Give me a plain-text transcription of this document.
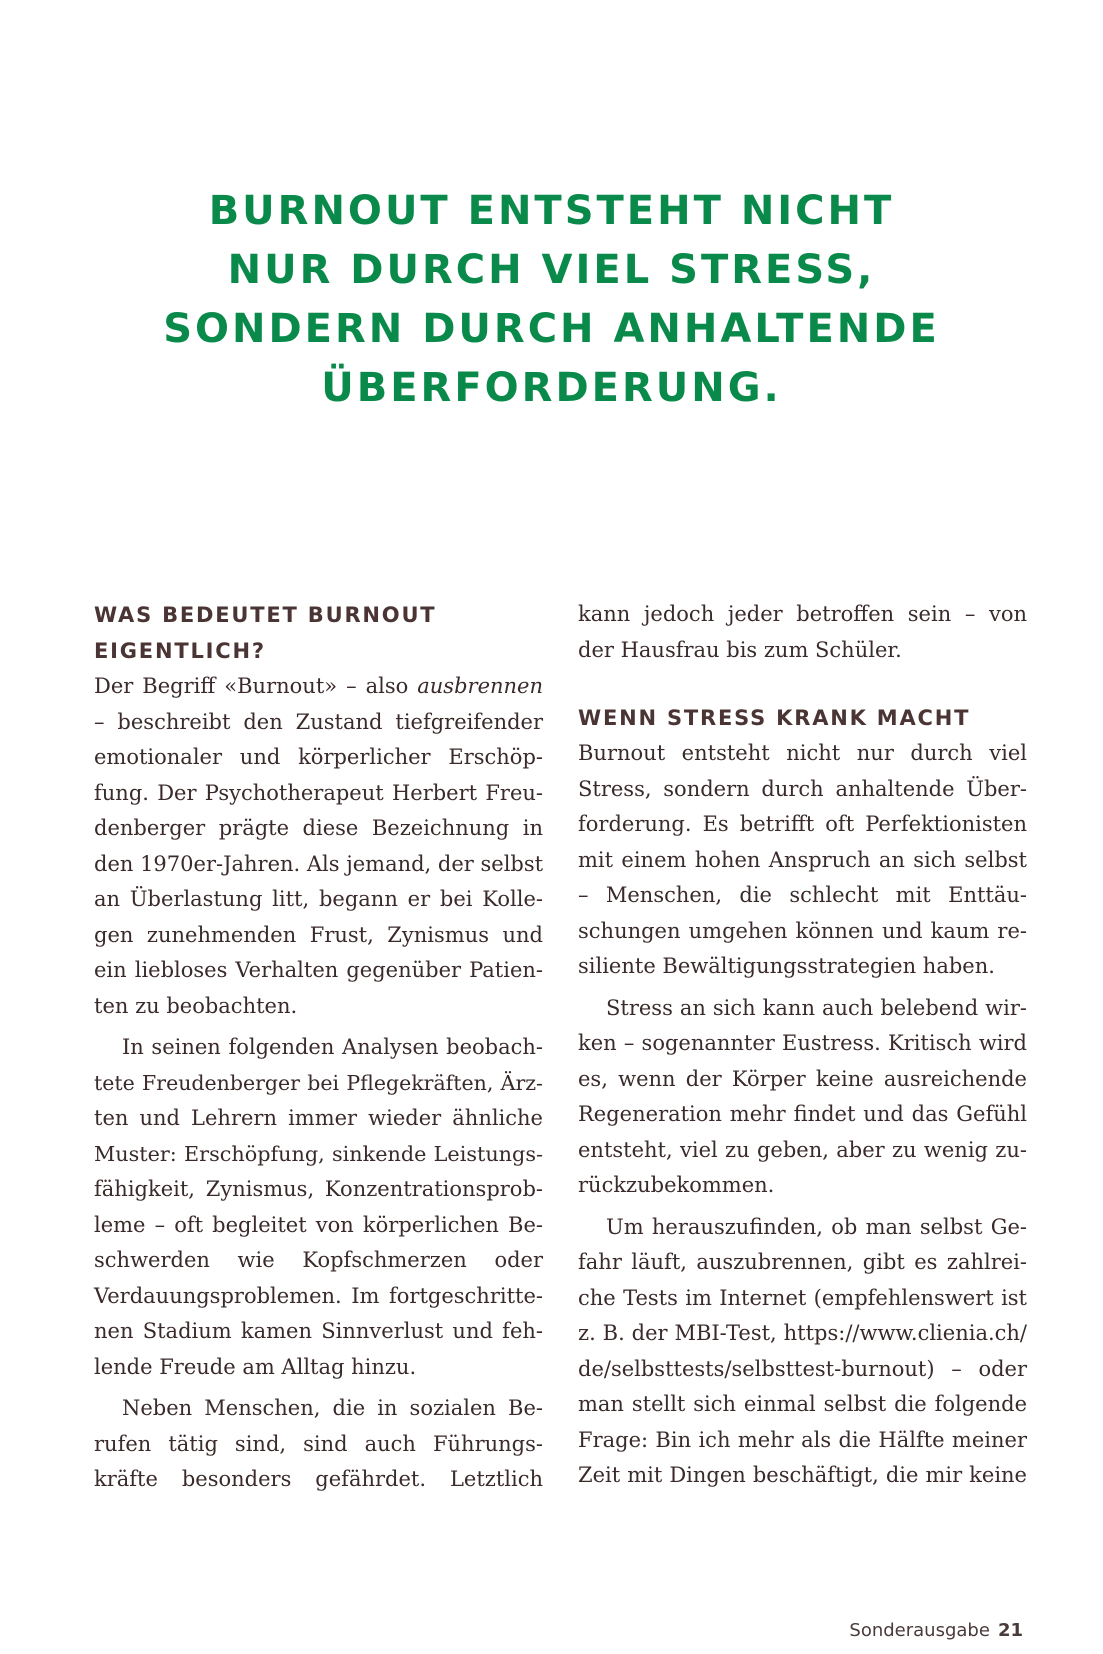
BURNOUT ENTSTEHT NICHT
NUR DURCH VIEL STRESS,
SONDERN DURCH ANHALTENDE
ÜBERFORDERUNG.
WAS BEDEUTET BURNOUT
EIGENTLICH?
Der Begriff «Burnout» – also ausbrennen
– beschreibt den Zustand tiefgreifender
emotionaler und körperlicher Erschöp-
fung. Der Psychotherapeut Herbert Freu-
denberger prägte diese Bezeichnung in
den 1970er-Jahren. Als jemand, der selbst
an Überlastung litt, begann er bei Kolle-
gen zunehmenden Frust, Zynismus und
ein liebloses Verhalten gegenüber Patien-
ten zu beobachten.
In seinen folgenden Analysen beobach-
tete Freudenberger bei Pflegekräften, Ärz-
ten und Lehrern immer wieder ähnliche
Muster: Erschöpfung, sinkende Leistungs-
fähigkeit, Zynismus, Konzentrationsprob-
leme – oft begleitet von körperlichen Be-
schwerden wie Kopfschmerzen oder
Verdauungsproblemen. Im fortgeschritte-
nen Stadium kamen Sinnverlust und feh-
lende Freude am Alltag hinzu.
Neben Menschen, die in sozialen Be-
rufen tätig sind, sind auch Führungs-
kräfte besonders gefährdet. Letztlich
kann jedoch jeder betroffen sein – von
der Hausfrau bis zum Schüler.
WENN STRESS KRANK MACHT
Burnout entsteht nicht nur durch viel
Stress, sondern durch anhaltende Über-
forderung. Es betrifft oft Perfektionisten
mit einem hohen Anspruch an sich selbst
– Menschen, die schlecht mit Enttäu-
schungen umgehen können und kaum re-
siliente Bewältigungsstrategien haben.
Stress an sich kann auch belebend wir-
ken – sogenannter Eustress. Kritisch wird
es, wenn der Körper keine ausreichende
Regeneration mehr findet und das Gefühl
entsteht, viel zu geben, aber zu wenig zu-
rückzubekommen.
Um herauszufinden, ob man selbst Ge-
fahr läuft, auszubrennen, gibt es zahlrei-
che Tests im Internet (empfehlenswert ist
z. B. der MBI-Test, https://www.clienia.ch/
de/selbsttests/selbsttest-burnout) – oder
man stellt sich einmal selbst die folgende
Frage: Bin ich mehr als die Hälfte meiner
Zeit mit Dingen beschäftigt, die mir keine
Sonderausgabe 21
